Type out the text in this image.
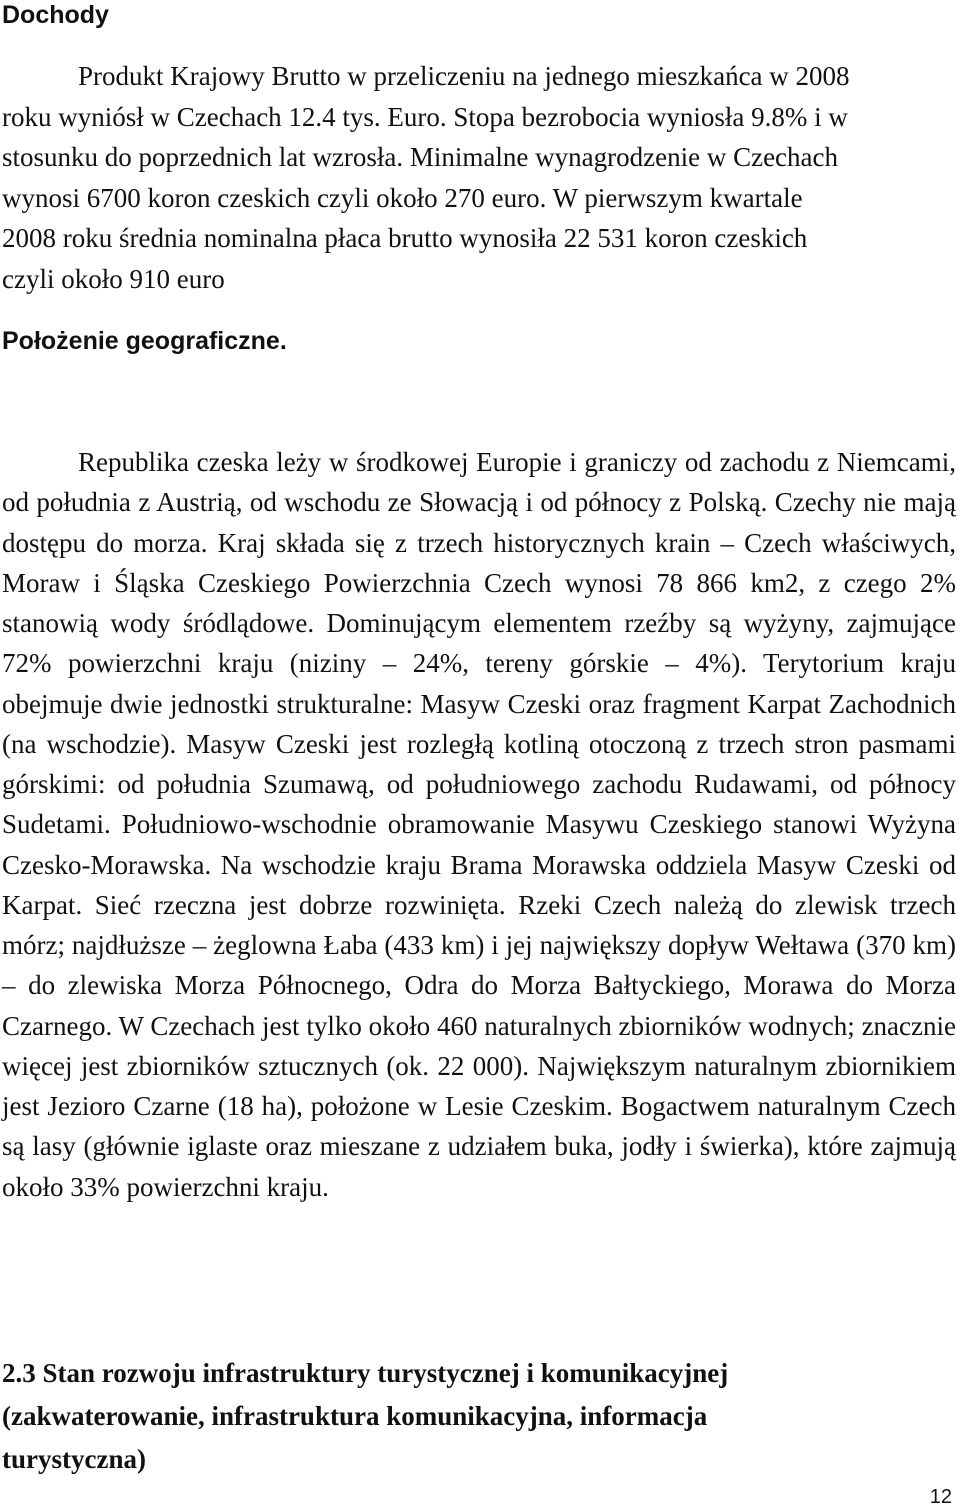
Dochody
Produkt Krajowy Brutto w przeliczeniu na jednego mieszkańca w 2008
roku wyniósł w Czechach 12.4 tys. Euro. Stopa bezrobocia wyniosła 9.8% i w
stosunku do poprzednich lat wzrosła. Minimalne wynagrodzenie w Czechach
wynosi 6700 koron czeskich czyli około 270 euro. W pierwszym kwartale
2008 roku średnia nominalna płaca brutto wynosiła 22 531 koron czeskich
czyli około 910 euro
Położenie geograficzne.

Republika czeska leży w środkowej Europie i graniczy od zachodu z Niemcami, od południa z Austrią, od wschodu ze Słowacją i od północy z Polską. Czechy nie mają dostępu do morza. Kraj składa się z trzech historycznych krain – Czech właściwych, Moraw i Śląska Czeskiego Powierzchnia Czech wynosi 78 866 km2, z czego 2% stanowią wody śródlądowe. Dominującym elementem rzeźby są wyżyny, zajmujące 72% powierzchni kraju (niziny – 24%, tereny górskie – 4%). Terytorium kraju obejmuje dwie jednostki strukturalne: Masyw Czeski oraz fragment Karpat Zachodnich (na wschodzie). Masyw Czeski jest rozległą kotliną otoczoną z trzech stron pasmami górskimi: od południa Szumawą, od południowego zachodu Rudawami, od północy Sudetami. Południowo-wschodnie obramowanie Masywu Czeskiego stanowi Wyżyna Czesko-Morawska. Na wschodzie kraju Brama Morawska oddziela Masyw Czeski od Karpat. Sieć rzeczna jest dobrze rozwinięta. Rzeki Czech należą do zlewisk trzech mórz; najdłuższe – żeglowna Łaba (433 km) i jej największy dopływ Wełtawa (370 km) – do zlewiska Morza Północnego, Odra do Morza Bałtyckiego, Morawa do Morza Czarnego. W Czechach jest tylko około 460 naturalnych zbiorników wodnych; znacznie więcej jest zbiorników sztucznych (ok. 22 000). Największym naturalnym zbiornikiem jest Jezioro Czarne (18 ha), położone w Lesie Czeskim. Bogactwem naturalnym Czech są lasy (głównie iglaste oraz mieszane z udziałem buka, jodły i świerka), które zajmują około 33% powierzchni kraju.

2.3 Stan rozwoju infrastruktury turystycznej i komunikacyjnej (zakwaterowanie, infrastruktura komunikacyjna, informacja turystyczna)
12
